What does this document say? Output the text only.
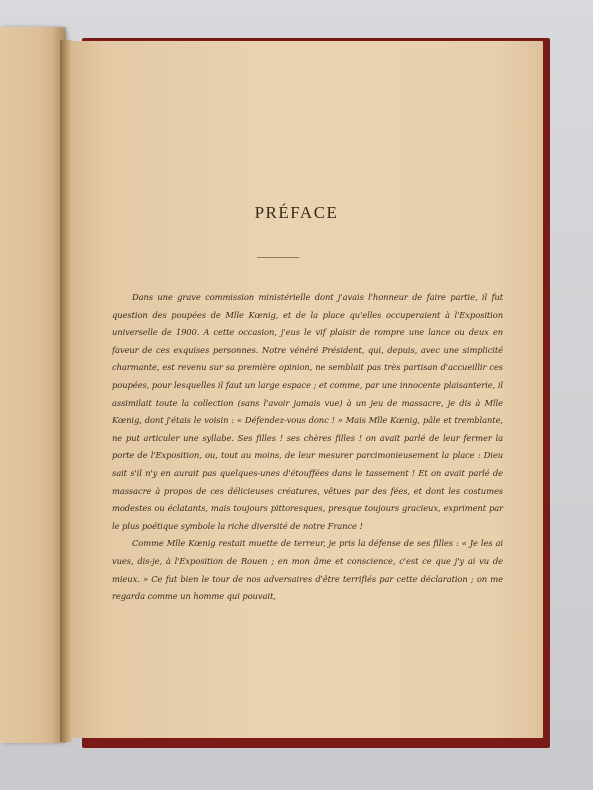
PRÉFACE

Dans une grave commission ministérielle dont j'avais l'honneur de faire partie, il fut question des poupées de Mlle Kœnig, et de la place qu'elles occuperaient à l'Exposition universelle de 1900. A cette occasion, j'eus le vif plaisir de rompre une lance ou deux en faveur de ces exquises personnes. Notre vénéré Président, qui, depuis, avec une simplicité charmante, est revenu sur sa première opinion, ne semblait pas très partisan d'accueillir ces poupées, pour lesquelles il faut un large espace ; et comme, par une innocente plaisanterie, il assimilait toute la collection (sans l'avoir jamais vue) à un jeu de massacre, je dis à Mlle Kœnig, dont j'étais le voisin : « Défendez-vous donc ! » Mais Mlle Kœnig, pâle et tremblante, ne put articuler une syllabe. Ses filles ! ses chères filles ! on avait parlé de leur fermer la porte de l'Exposition, ou, tout au moins, de leur mesurer parcimonieusement la place : Dieu sait s'il n'y en aurait pas quelques-unes d'étouffées dans le tassement ! Et on avait parlé de massacre à propos de ces délicieuses créatures, vêtues par des fées, et dont les costumes modestes ou éclatants, mais toujours pittoresques, presque toujours gracieux, expriment par le plus poétique symbole la riche diversité de notre France !

Comme Mlle Kœnig restait muette de terreur, je pris la défense de ses filles : « Je les ai vues, dis-je, à l'Exposition de Rouen ; en mon âme et conscience, c'est ce que j'y ai vu de mieux. » Ce fut bien le tour de nos adversaires d'être terrifiés par cette déclaration ; on me regarda comme un homme qui pouvait,
